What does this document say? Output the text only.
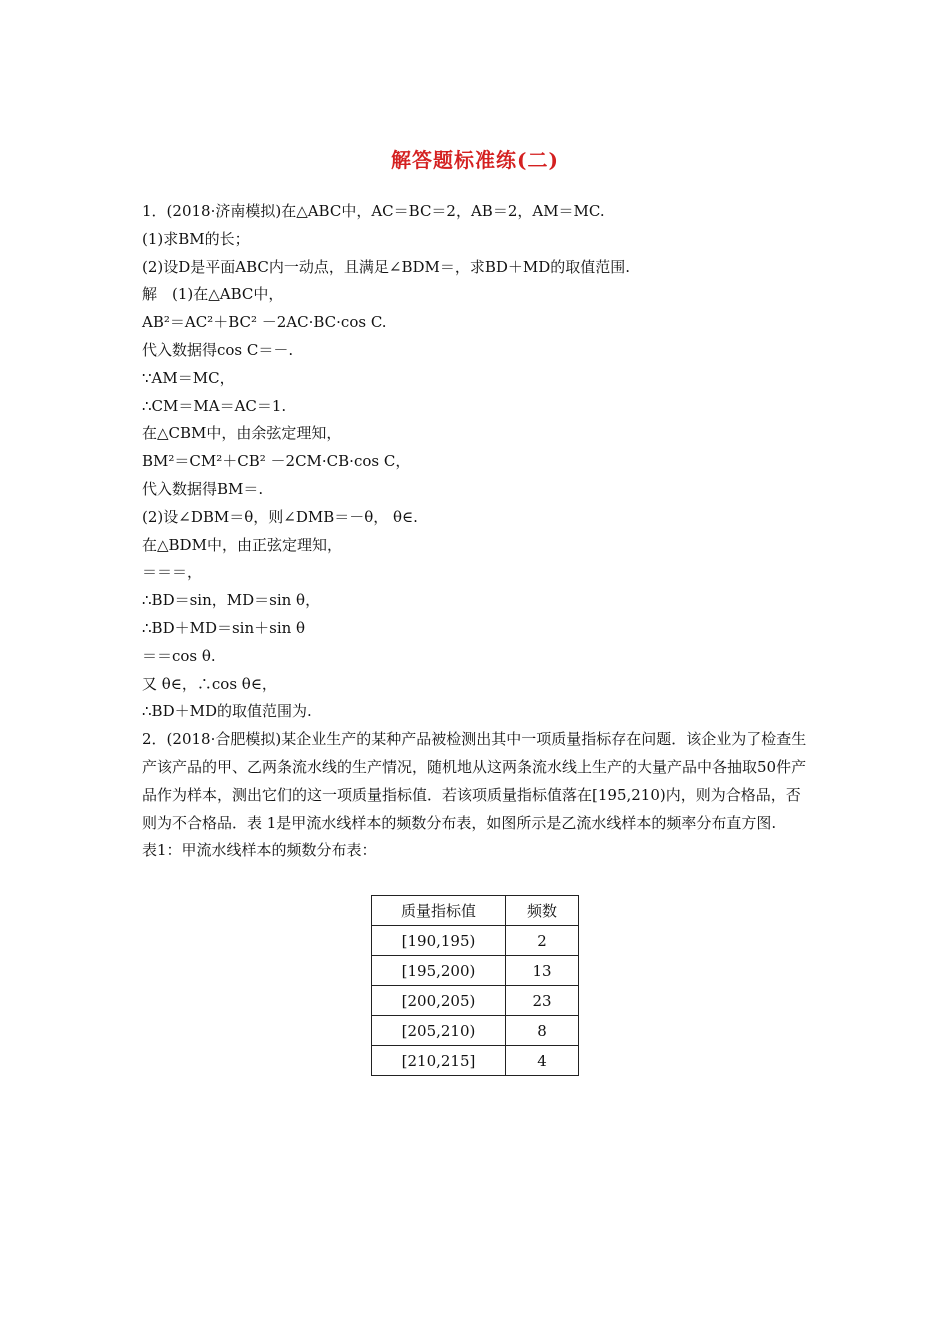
解答题标准练(二)
1．(2018·济南模拟)在△ABC中，AC＝BC＝2，AB＝2，AM＝MC.
(1)求BM的长；
(2)设D是平面ABC内一动点，且满足∠BDM＝，求BD＋MD的取值范围.
解　(1)在△ABC中，
AB²＝AC²＋BC² －2AC·BC·cos C.
代入数据得cos C＝－.
∵AM＝MC，
∴CM＝MA＝AC＝1.
在△CBM中，由余弦定理知，
BM²＝CM²＋CB² －2CM·CB·cos C，
代入数据得BM＝.
(2)设∠DBM＝θ，则∠DMB＝－θ， θ∈.
在△BDM中，由正弦定理知，
＝＝＝，
∴BD＝sin，MD＝sin θ，
∴BD＋MD＝sin＋sin θ
＝＝cos θ.
又 θ∈，∴cos θ∈，
∴BD＋MD的取值范围为.
2．(2018·合肥模拟)某企业生产的某种产品被检测出其中一项质量指标存在问题．该企业为了检查生产该产品的甲、乙两条流水线的生产情况，随机地从这两条流水线上生产的大量产品中各抽取50件产品作为样本，测出它们的这一项质量指标值．若该项质量指标值落在[195,210)内，则为合格品，否则为不合格品．表 1是甲流水线样本的频数分布表，如图所示是乙流水线样本的频率分布直方图.
表1：甲流水线样本的频数分布表：
质量指标值	频数
[190,195)	2
[195,200)	13
[200,205)	23
[205,210)	8
[210,215]	4
